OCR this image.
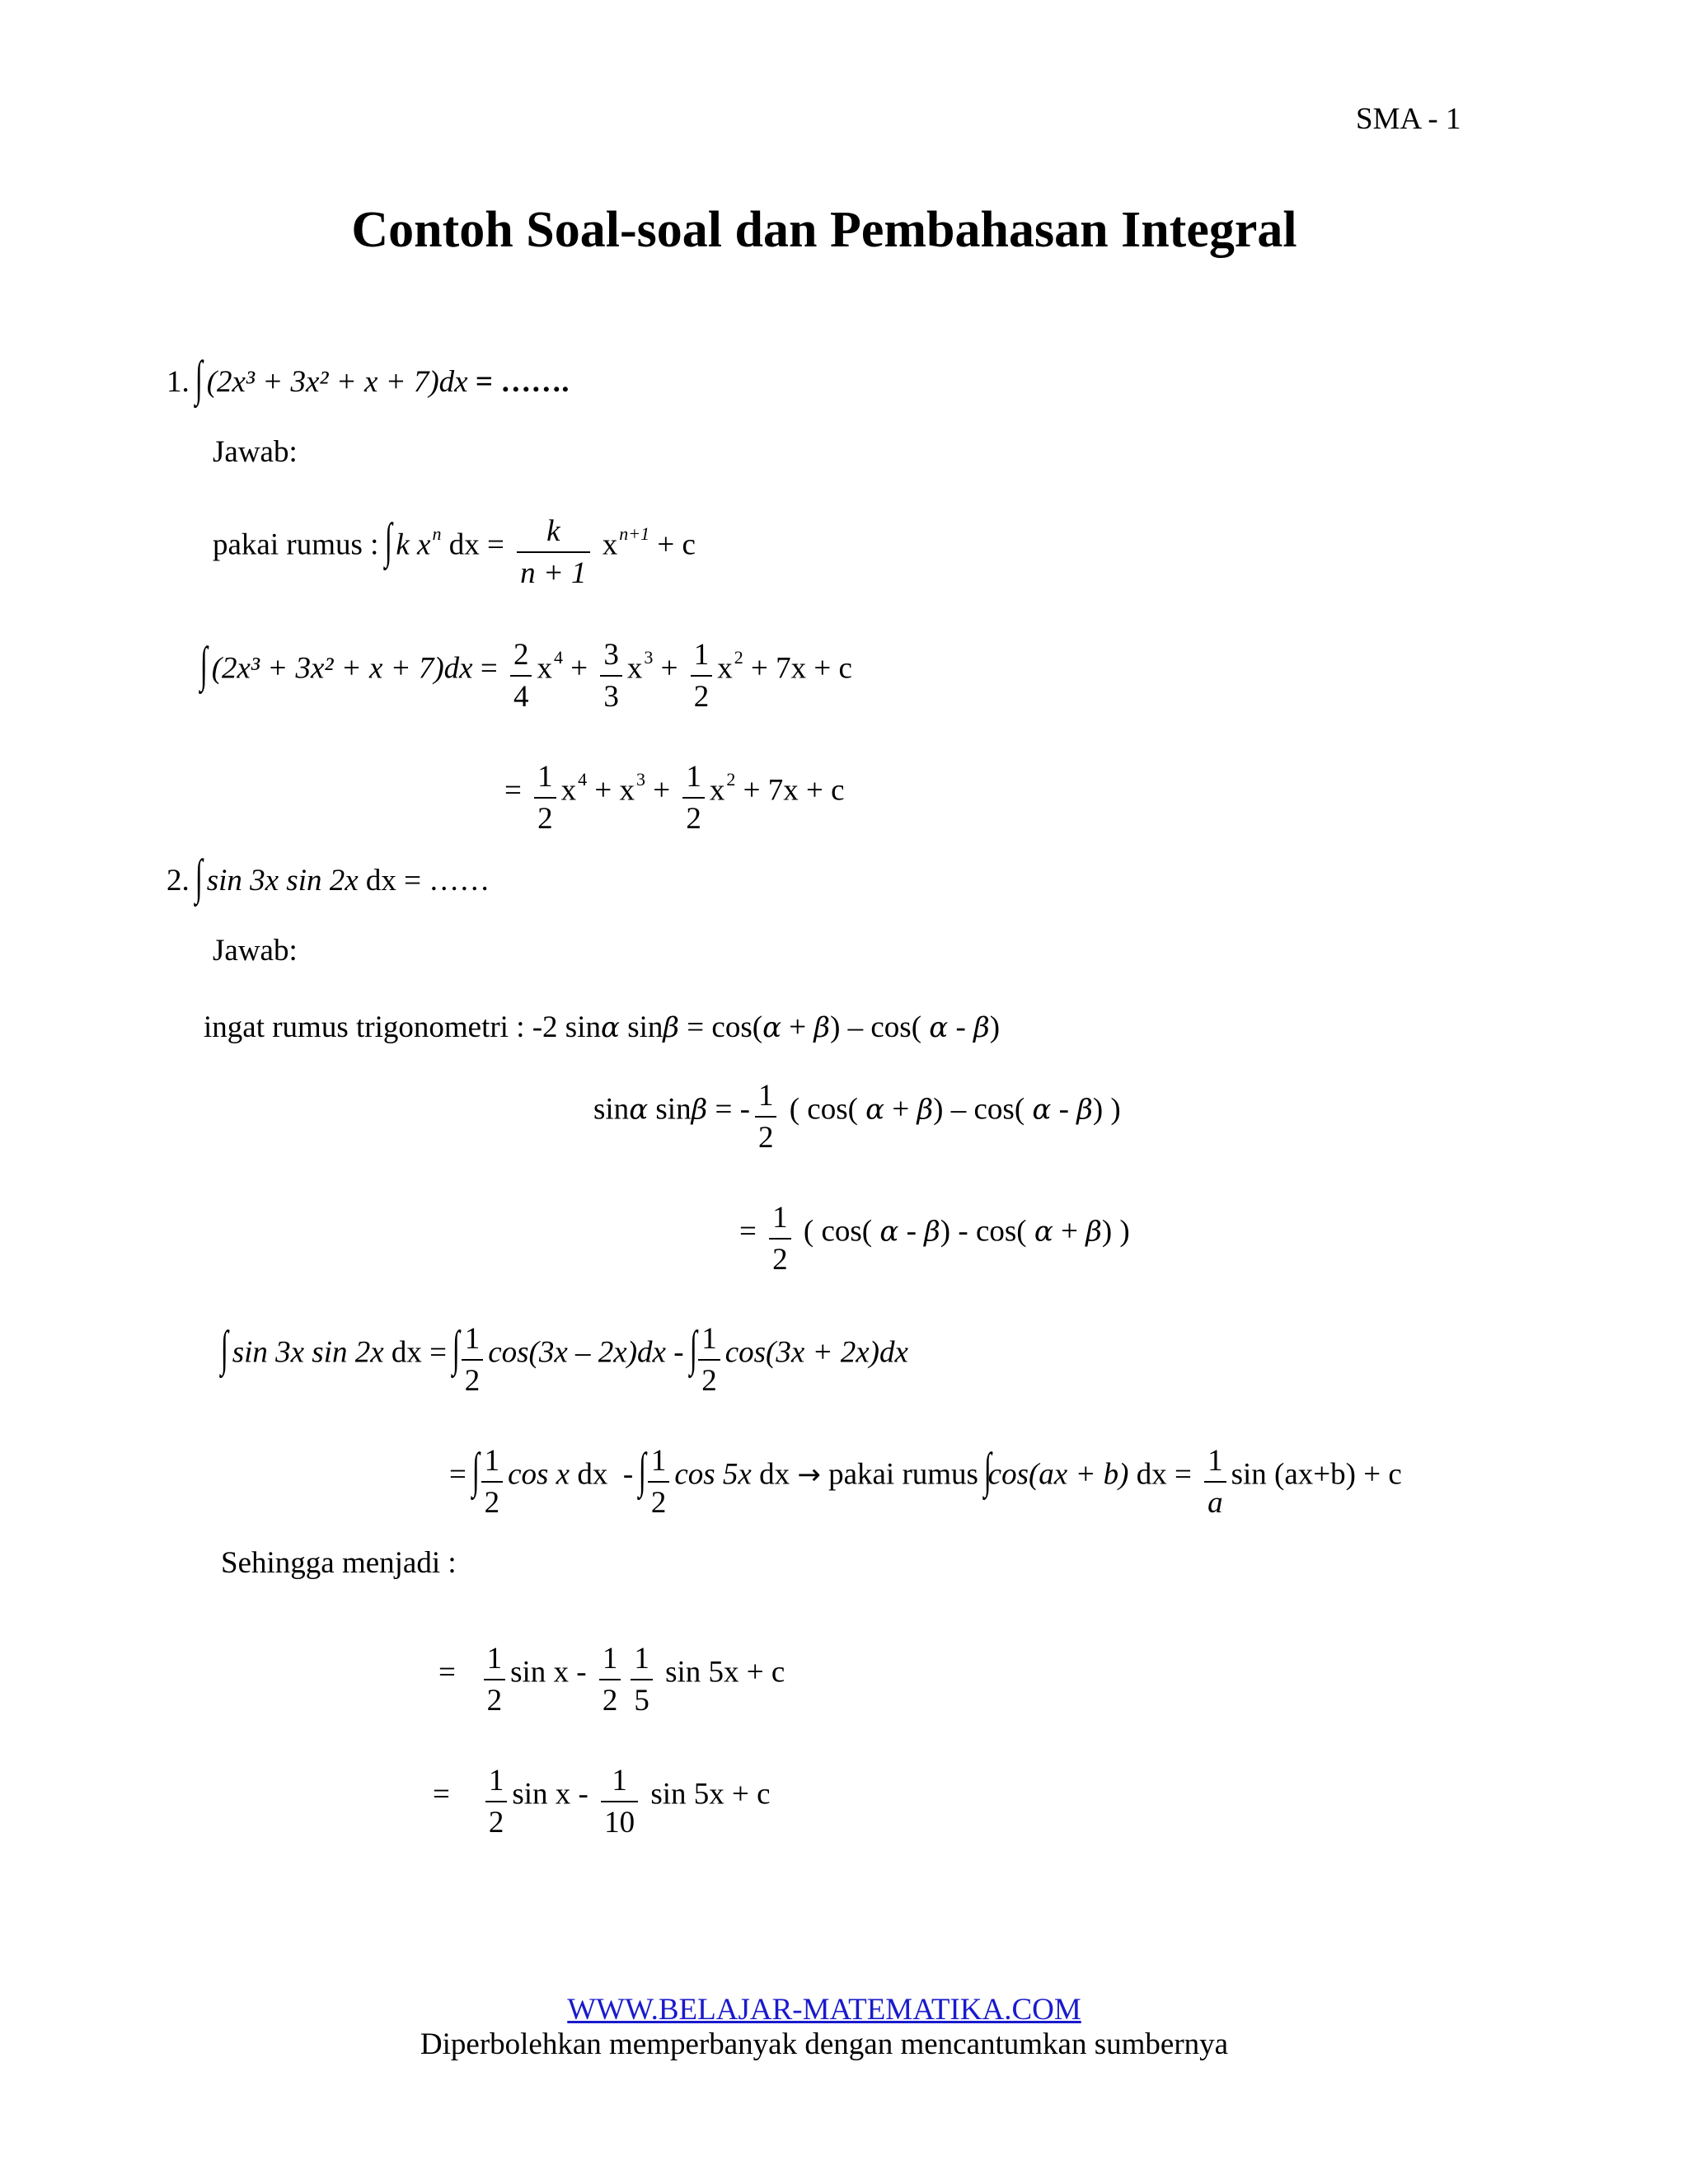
SMA - 1
Contoh Soal-soal dan Pembahasan Integral
1. ∫ (2x³ + 3x² + x + 7)dx = …….
Jawab:
pakai rumus : ∫ k $x^n$ dx = $\frac{k}{n + 1} x^{n+1} + c$
∫ $(2x^3 + 3x^2 + x + 7)dx = \frac{2}{4} x^4 + \frac{3}{3} x^3 + \frac{1}{2} x^2 + 7x + c$
= $\frac{1}{2} x^4 + x^3 + \frac{1}{2} x^2 + 7x + c$
2. ∫ sin 3x sin 2x dx = ……
Jawab:
ingat rumus trigonometri : -2 sinα sinβ = cos(α + β) – cos( α - β)
sinα sinβ = - $\frac{1}{2}$ ( cos( α + β) – cos( α - β) )
= $\frac{1}{2}$ ( cos( α - β) - cos( α + β) )
∫ sin 3x sin 2x dx = ∫ $\frac{1}{2} \cos(3x - 2x)dx$ - ∫ $\frac{1}{2} \cos(3x + 2x)dx$
= ∫ $\frac{1}{2}$ cos x dx - ∫ $\frac{1}{2}$ cos 5x dx → pakai rumus ∫cos(ax + b) dx = $\frac{1}{a}$ sin (ax+b) + c
Sehingga menjadi :
= $\frac{1}{2}$ sin x - $\frac{1}{2} \frac{1}{5}$ sin 5x + c
= $\frac{1}{2}$ sin x - $\frac{1}{10}$ sin 5x + c
WWW.BELAJAR-MATEMATIKA.COM
Diperbolehkan memperbanyak dengan mencantumkan sumbernya
